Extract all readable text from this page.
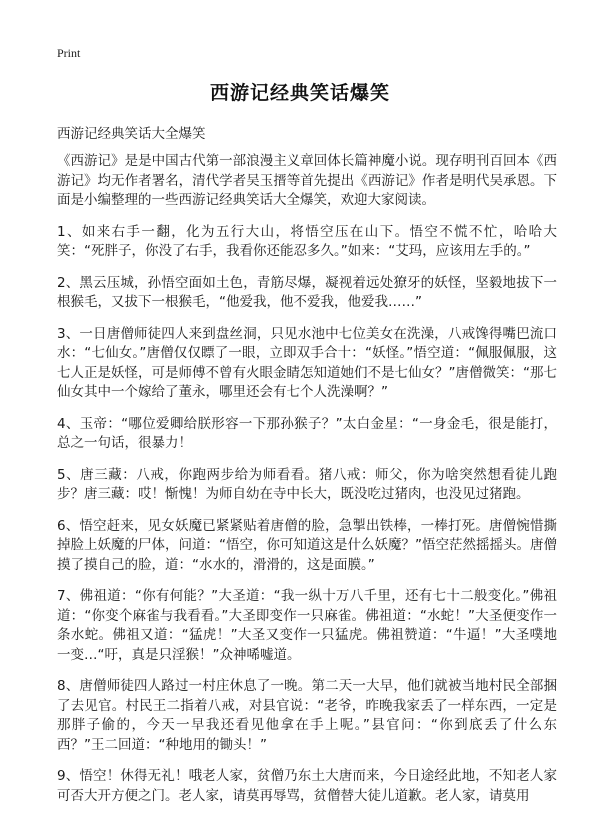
Print
西游记经典笑话爆笑
西游记经典笑话大全爆笑

《西游记》是是中国古代第一部浪漫主义章回体长篇神魔小说。现存明刊百回本《西游记》均无作者署名，清代学者吴玉搢等首先提出《西游记》作者是明代吴承恩。下面是小编整理的一些西游记经典笑话大全爆笑，欢迎大家阅读。

1、如来右手一翻，化为五行大山，将悟空压在山下。悟空不慌不忙，哈哈大笑：“死胖子，你没了右手，我看你还能忍多久。”如来：“艾玛，应该用左手的。”

2、黑云压城，孙悟空面如土色，青筋尽爆，凝视着远处獠牙的妖怪，坚毅地拔下一根猴毛，又拔下一根猴毛，“他爱我，他不爱我，他爱我……”

3、一日唐僧师徒四人来到盘丝洞，只见水池中七位美女在洗澡，八戒馋得嘴巴流口水：“七仙女。”唐僧仅仅瞟了一眼，立即双手合十：“妖怪。”悟空道：“佩服佩服，这七人正是妖怪，可是师傅不曾有火眼金睛怎知道她们不是七仙女？”唐僧微笑：“那七仙女其中一个嫁给了董永，哪里还会有七个人洗澡啊？”

4、玉帝：“哪位爱卿给朕形容一下那孙猴子？”太白金星：“一身金毛，很是能打，总之一句话，很暴力！

5、唐三藏：八戒，你跑两步给为师看看。猪八戒：师父，你为啥突然想看徒儿跑步？唐三藏：哎！惭愧！为师自幼在寺中长大，既没吃过猪肉，也没见过猪跑。

6、悟空赶来，见女妖魔已紧紧贴着唐僧的脸，急掣出铁棒，一棒打死。唐僧惋惜撕掉脸上妖魔的尸体，问道：“悟空，你可知道这是什么妖魔？”悟空茫然摇摇头。唐僧摸了摸自己的脸，道：“水水的，滑滑的，这是面膜。”

7、佛祖道：“你有何能？”大圣道：“我一纵十万八千里，还有七十二般变化。”佛祖道：“你变个麻雀与我看看。”大圣即变作一只麻雀。佛祖道：“水蛇！”大圣便变作一条水蛇。佛祖又道：“猛虎！”大圣又变作一只猛虎。佛祖赞道：“牛逼！”大圣噗地一变…“吁，真是只淫猴！”众神唏嘘道。

8、唐僧师徒四人路过一村庄休息了一晚。第二天一大早，他们就被当地村民全部捆了去见官。村民王二指着八戒，对县官说：“老爷，昨晚我家丢了一样东西，一定是那胖子偷的，今天一早我还看见他拿在手上呢。”县官问：“你到底丢了什么东西？”王二回道：“种地用的锄头！”

9、悟空！休得无礼！哦老人家，贫僧乃东土大唐而来，今日途经此地，不知老人家可否大开方便之门。老人家，请莫再辱骂，贫僧替大徒儿道歉。老人家，请莫用
